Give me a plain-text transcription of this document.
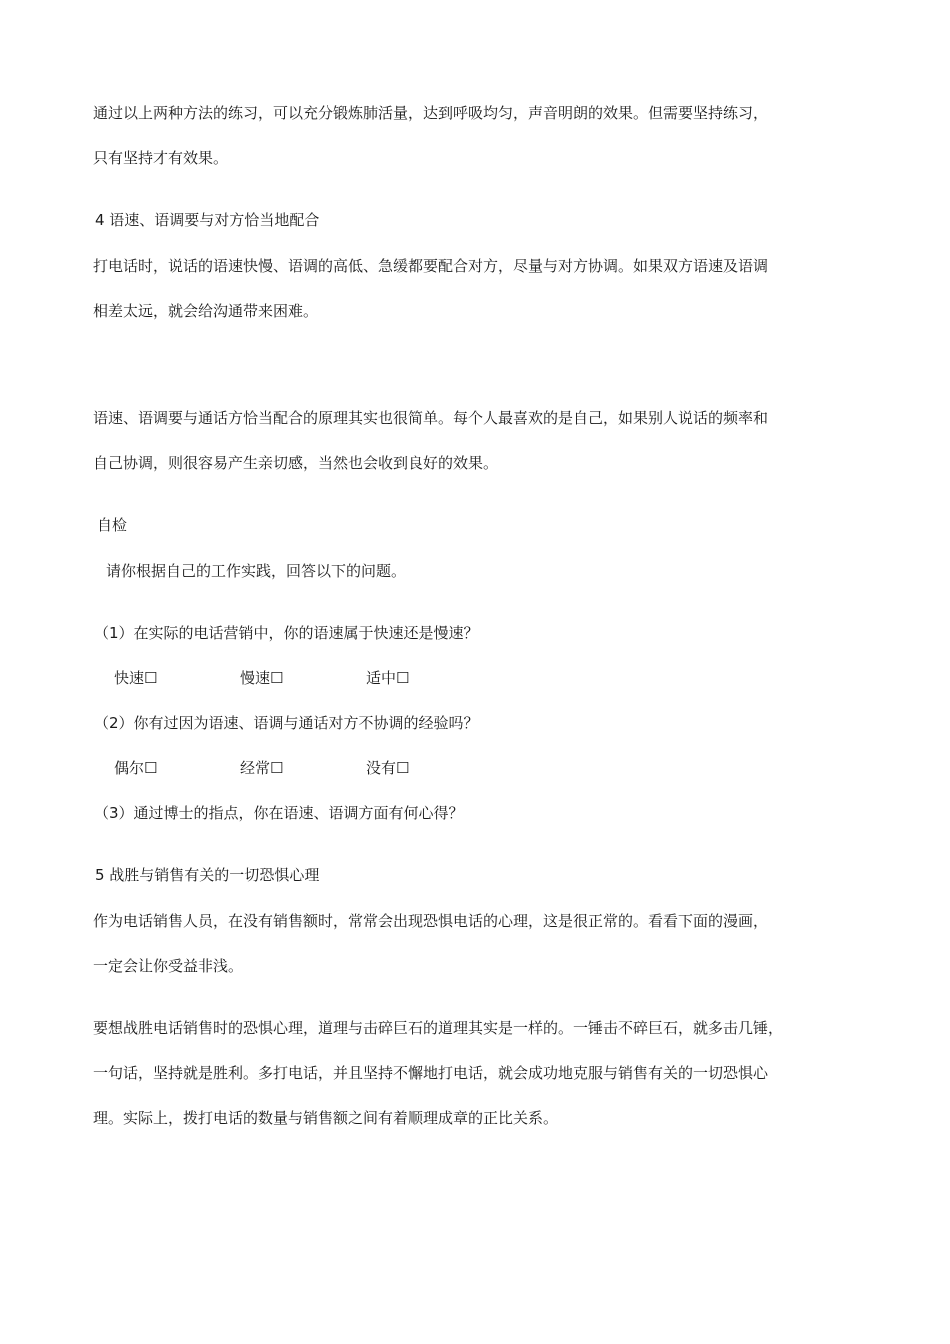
通过以上两种方法的练习，可以充分锻炼肺活量，达到呼吸均匀，声音明朗的效果。但需要坚持练习，
只有坚持才有效果。
4 语速、语调要与对方恰当地配合
打电话时，说话的语速快慢、语调的高低、急缓都要配合对方，尽量与对方协调。如果双方语速及语调
相差太远，就会给沟通带来困难。
语速、语调要与通话方恰当配合的原理其实也很简单。每个人最喜欢的是自己，如果别人说话的频率和
自己协调，则很容易产生亲切感，当然也会收到良好的效果。
自检
请你根据自己的工作实践，回答以下的问题。
（1）在实际的电话营销中，你的语速属于快速还是慢速？
快速☐	慢速☐	适中☐
（2）你有过因为语速、语调与通话对方不协调的经验吗？
偶尔☐	经常☐	没有☐
（3）通过博士的指点，你在语速、语调方面有何心得？
5 战胜与销售有关的一切恐惧心理
作为电话销售人员，在没有销售额时，常常会出现恐惧电话的心理，这是很正常的。看看下面的漫画，
一定会让你受益非浅。
要想战胜电话销售时的恐惧心理，道理与击碎巨石的道理其实是一样的。一锤击不碎巨石，就多击几锤，
一句话，坚持就是胜利。多打电话，并且坚持不懈地打电话，就会成功地克服与销售有关的一切恐惧心
理。实际上，拨打电话的数量与销售额之间有着顺理成章的正比关系。
